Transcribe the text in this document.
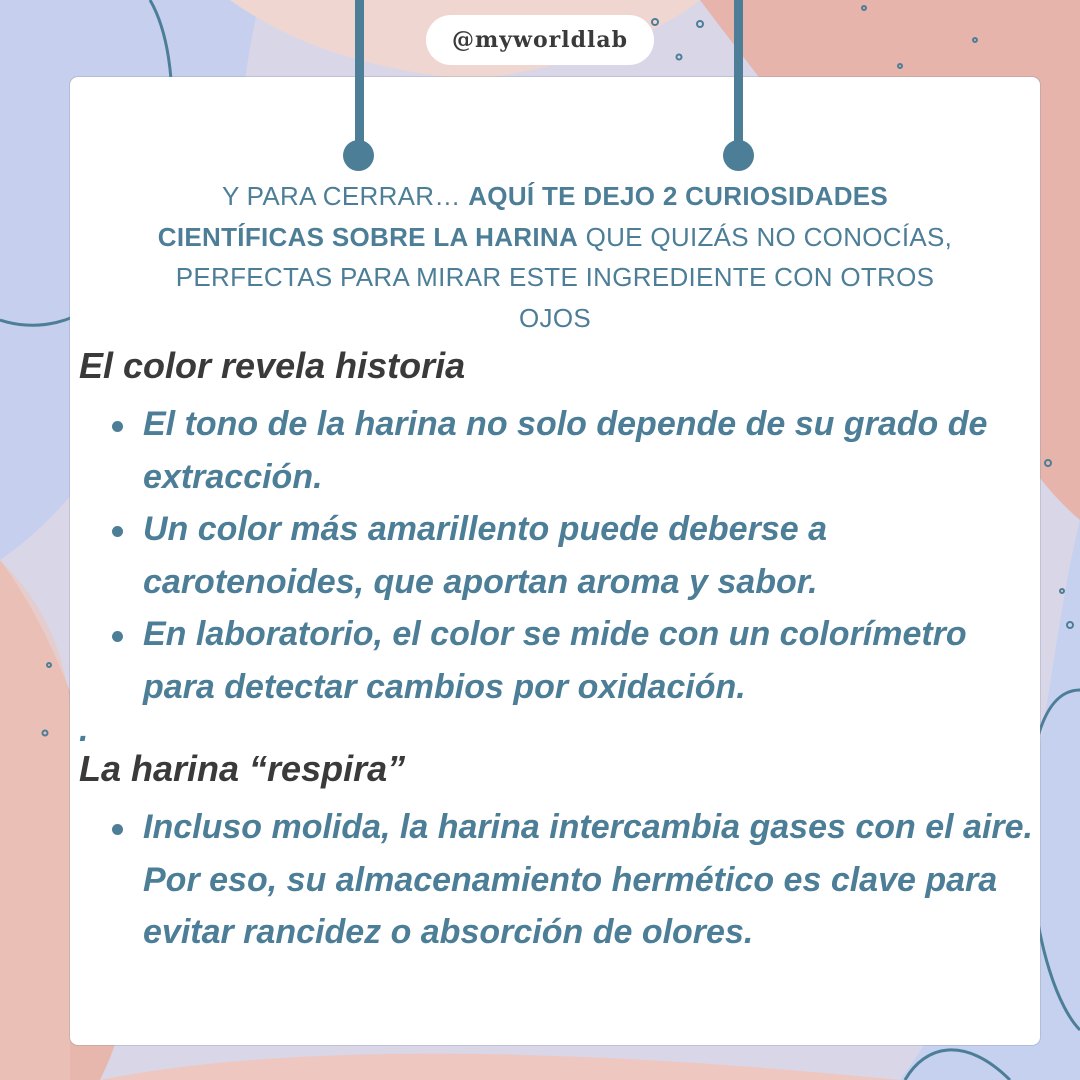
@myworldlab
Y PARA CERRAR… AQUÍ TE DEJO 2 CURIOSIDADES CIENTÍFICAS SOBRE LA HARINA QUE QUIZÁS NO CONOCÍAS, PERFECTAS PARA MIRAR ESTE INGREDIENTE CON OTROS OJOS
El color revela historia
El tono de la harina no solo depende de su grado de extracción.
Un color más amarillento puede deberse a carotenoides, que aportan aroma y sabor.
En laboratorio, el color se mide con un colorímetro para detectar cambios por oxidación.

.

La harina “respira”
Incluso molida, la harina intercambia gases con el aire. Por eso, su almacenamiento hermético es clave para evitar rancidez o absorción de olores.
